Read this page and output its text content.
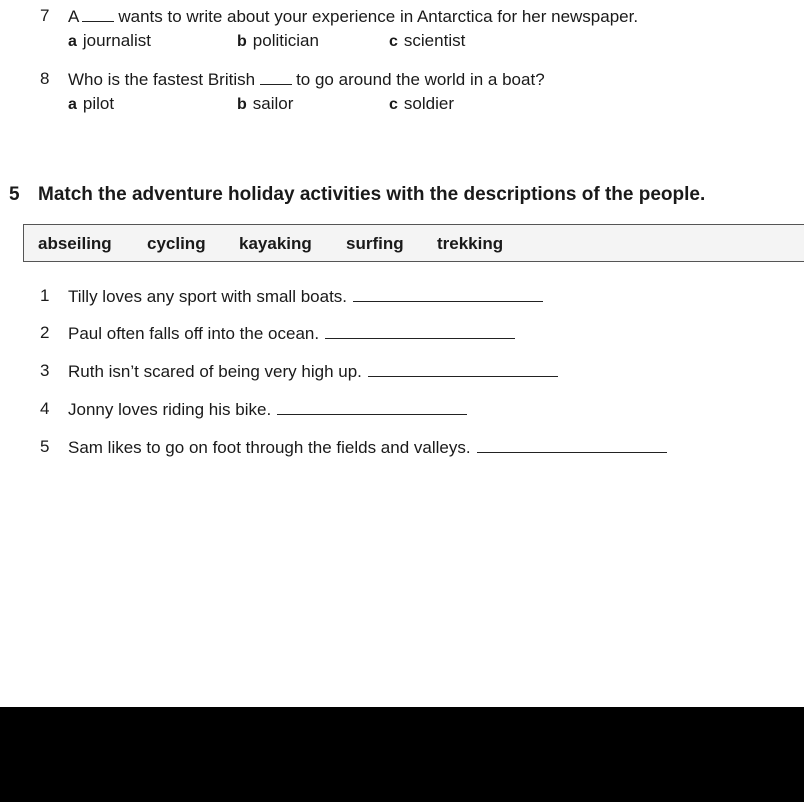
7 A wants to write about your experience in Antarctica for her newspaper.
a journalist	b politician	c scientist
8 Who is the fastest British to go around the world in a boat?
a pilot	b sailor	c soldier
5 Match the adventure holiday activities with the descriptions of the people.
abseiling cycling kayaking surfing trekking
1 Tilly loves any sport with small boats.
2 Paul often falls off into the ocean.
3 Ruth isn’t scared of being very high up.
4 Jonny loves riding his bike.
5 Sam likes to go on foot through the fields and valleys.
